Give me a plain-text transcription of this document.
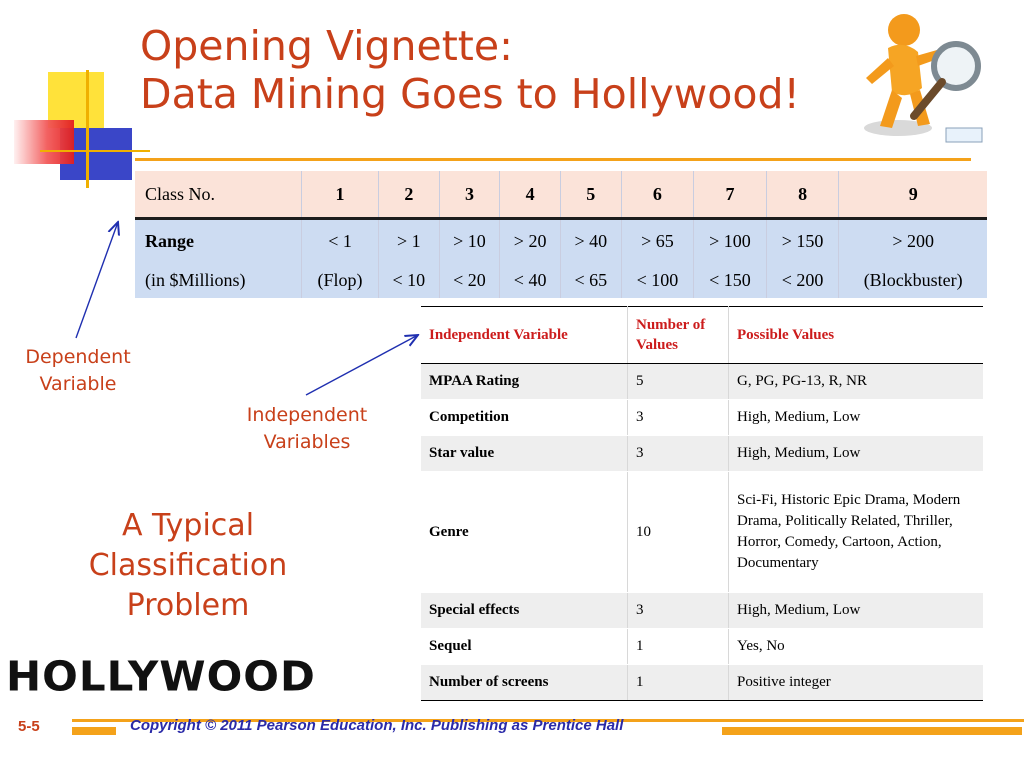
Opening Vignette:
Data Mining Goes to Hollywood!
Class No.	1	2	3	4	5	6	7	8	9
Range	< 1	> 1	> 10	> 20	> 40	> 65	> 100	> 150	> 200
(in $Millions)	(Flop)	< 10	< 20	< 40	< 65	< 100	< 150	< 200	(Blockbuster)
Independent Variable	Number of Values	Possible Values
MPAA Rating	5	G, PG, PG-13, R, NR
Competition	3	High, Medium, Low
Star value	3	High, Medium, Low
Genre	10	Sci-Fi, Historic Epic Drama, Modern Drama, Politically Related, Thriller, Horror, Comedy, Cartoon, Action, Documentary
Special effects	3	High, Medium, Low
Sequel	1	Yes, No
Number of screens	1	Positive integer
Dependent
Variable
Independent
Variables
A Typical
Classification
Problem
HOLLYWOOD
5-5	Copyright © 2011 Pearson Education, Inc. Publishing as Prentice Hall
